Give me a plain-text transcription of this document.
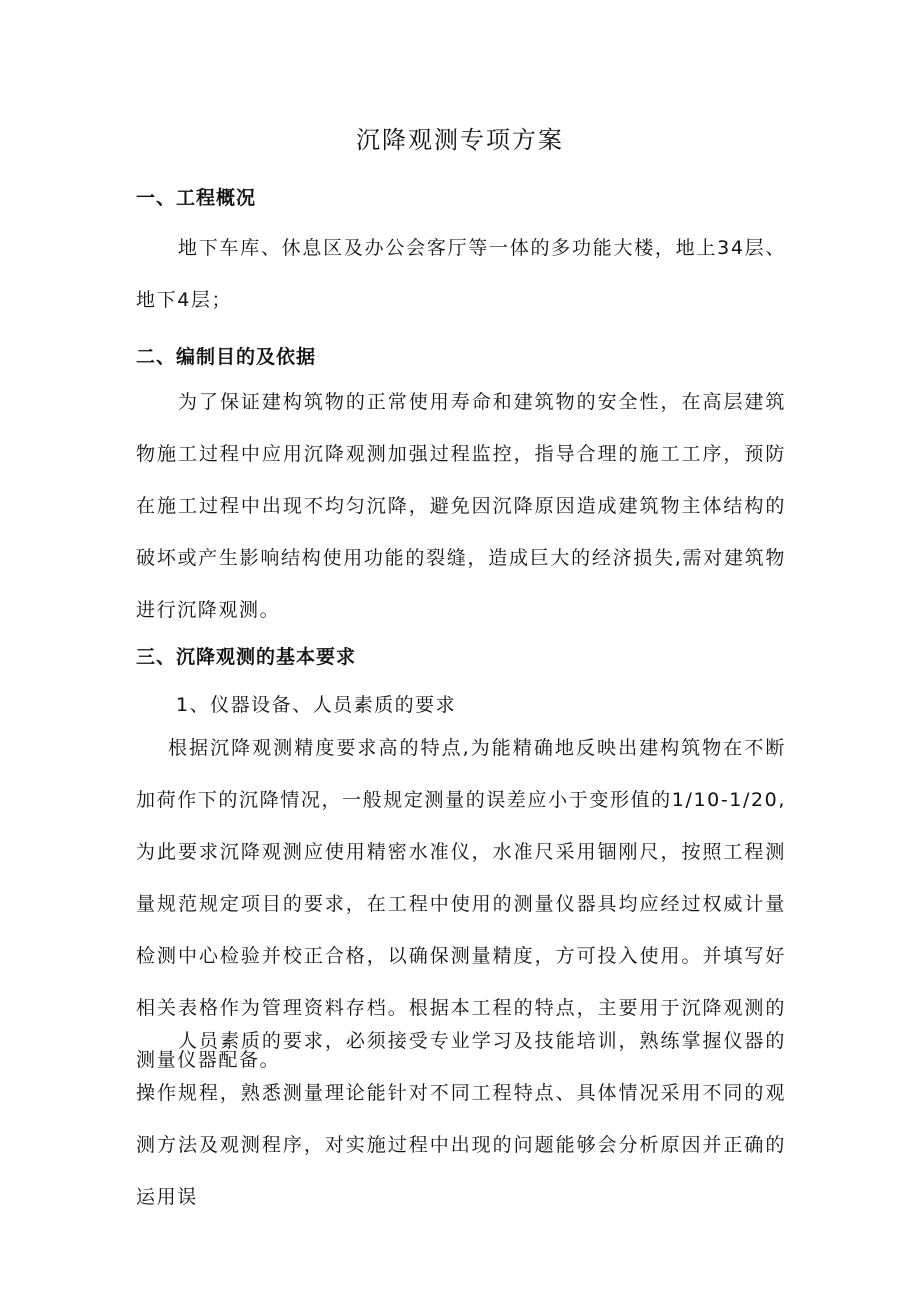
沉降观测专项方案
一、工程概况

地下车库、休息区及办公会客厅等一体的多功能大楼，地上34层、地下4层；

二、编制目的及依据

为了保证建构筑物的正常使用寿命和建筑物的安全性，在高层建筑物施工过程中应用沉降观测加强过程监控，指导合理的施工工序，预防在施工过程中出现不均匀沉降，避免因沉降原因造成建筑物主体结构的破坏或产生影响结构使用功能的裂缝，造成巨大的经济损失,需对建筑物进行沉降观测。

三、沉降观测的基本要求
1、仪器设备、人员素质的要求

根据沉降观测精度要求高的特点,为能精确地反映出建构筑物在不断加荷作下的沉降情况，一般规定测量的误差应小于变形值的1/10-1/20,为此要求沉降观测应使用精密水准仪，水准尺采用锢刚尺，按照工程测量规范规定项目的要求，在工程中使用的测量仪器具均应经过权威计量检测中心检验并校正合格，以确保测量精度，方可投入使用。并填写好相关表格作为管理资料存档。根据本工程的特点，主要用于沉降观测的测量仪器配备。

人员素质的要求，必须接受专业学习及技能培训，熟练掌握仪器的操作规程，熟悉测量理论能针对不同工程特点、具体情况采用不同的观测方法及观测程序，对实施过程中出现的问题能够会分析原因并正确的运用误
